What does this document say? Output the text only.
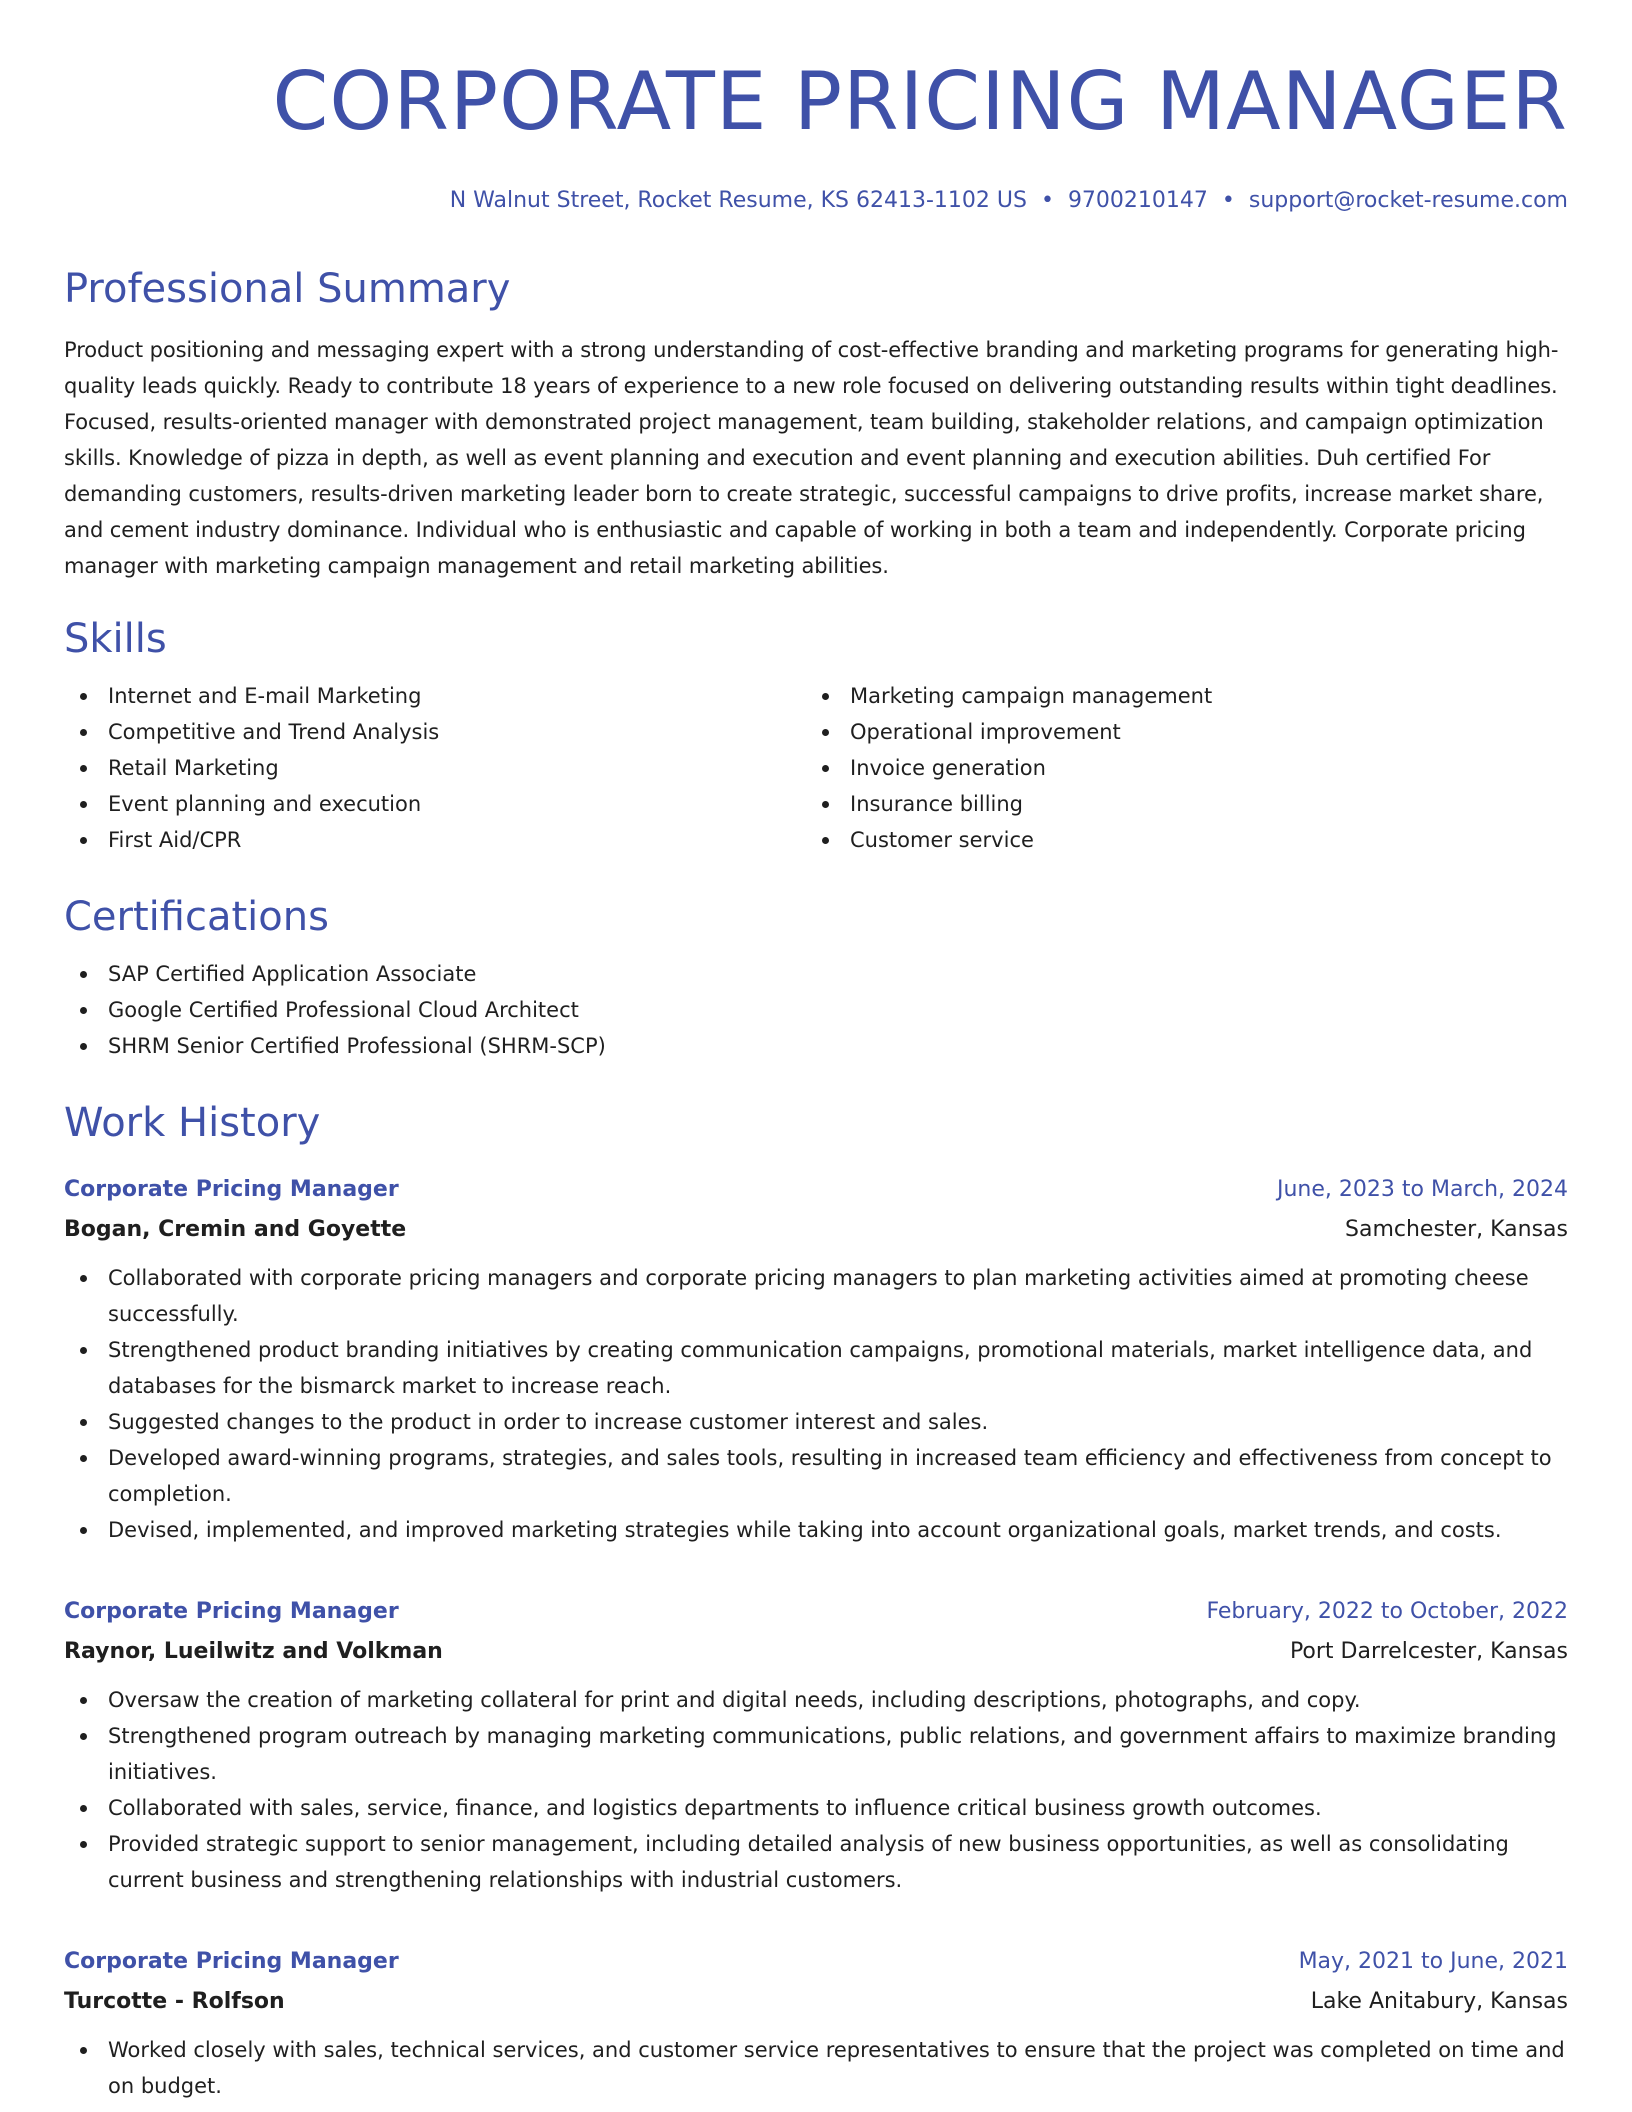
CORPORATE PRICING MANAGER
N Walnut Street, Rocket Resume, KS 62413-1102 US • 9700210147 • support@rocket-resume.com
Professional Summary

Product positioning and messaging expert with a strong understanding of cost-effective branding and marketing programs for generating high-quality leads quickly. Ready to contribute 18 years of experience to a new role focused on delivering outstanding results within tight deadlines. Focused, results-oriented manager with demonstrated project management, team building, stakeholder relations, and campaign optimization skills. Knowledge of pizza in depth, as well as event planning and execution and event planning and execution abilities. Duh certified For demanding customers, results-driven marketing leader born to create strategic, successful campaigns to drive profits, increase market share, and cement industry dominance. Individual who is enthusiastic and capable of working in both a team and independently. Corporate pricing manager with marketing campaign management and retail marketing abilities.

Skills
Internet and E-mail Marketing
Competitive and Trend Analysis
Retail Marketing
Event planning and execution
First Aid/CPR
Marketing campaign management
Operational improvement
Invoice generation
Insurance billing
Customer service
Certifications
SAP Certified Application Associate
Google Certified Professional Cloud Architect
SHRM Senior Certified Professional (SHRM-SCP)
Work History
Corporate Pricing Manager	June, 2023 to March, 2024
Bogan, Cremin and Goyette	Samchester, Kansas
Collaborated with corporate pricing managers and corporate pricing managers to plan marketing activities aimed at promoting cheese successfully.
Strengthened product branding initiatives by creating communication campaigns, promotional materials, market intelligence data, and databases for the bismarck market to increase reach.
Suggested changes to the product in order to increase customer interest and sales.
Developed award-winning programs, strategies, and sales tools, resulting in increased team efficiency and effectiveness from concept to completion.
Devised, implemented, and improved marketing strategies while taking into account organizational goals, market trends, and costs.
Corporate Pricing Manager	February, 2022 to October, 2022
Raynor, Lueilwitz and Volkman	Port Darrelcester, Kansas
Oversaw the creation of marketing collateral for print and digital needs, including descriptions, photographs, and copy.
Strengthened program outreach by managing marketing communications, public relations, and government affairs to maximize branding initiatives.
Collaborated with sales, service, finance, and logistics departments to influence critical business growth outcomes.
Provided strategic support to senior management, including detailed analysis of new business opportunities, as well as consolidating current business and strengthening relationships with industrial customers.
Corporate Pricing Manager	May, 2021 to June, 2021
Turcotte - Rolfson	Lake Anitabury, Kansas
Worked closely with sales, technical services, and customer service representatives to ensure that the project was completed on time and on budget.
